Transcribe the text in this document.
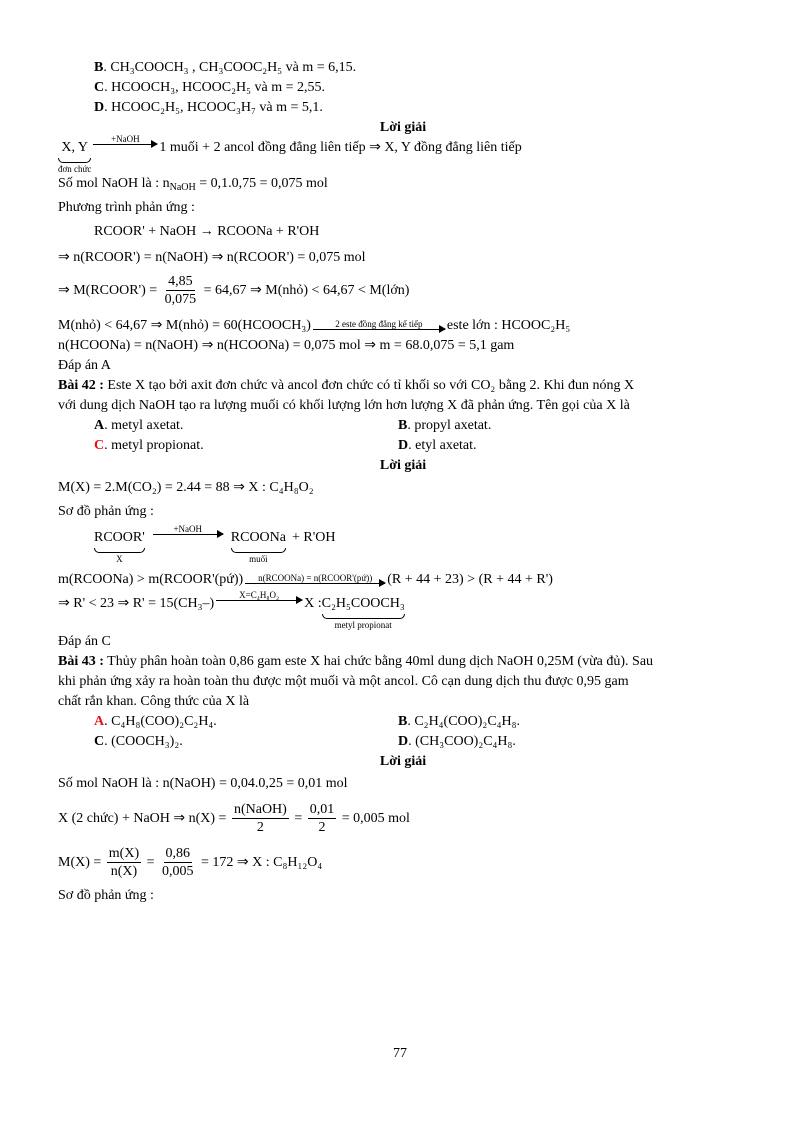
B. CH₃COOCH₃ , CH₃COOC₂H₅ và m = 6,15.
C. HCOOCH₃, HCOOC₂H₅ và m = 2,55.
D. HCOOC₂H₅, HCOOC₃H₇ và m = 5,1.
Lời giải
X, Y
đơn chức
+NaOH
1 muối + 2 ancol đồng đẳng liên tiếp ⇒ X, Y đồng đẳng liên tiếp
Số mol NaOH là : $n_{NaOH} = 0,1.0,75 = 0,075$ mol
Phương trình phản ứng :
RCOOR' + NaOH → RCOONa + R'OH
⇒ n(RCOOR') = n(NaOH) ⇒ n(RCOOR') = 0,075 mol
⇒ M(RCOOR') = $\frac{4,85}{0,075} = 64,67$ ⇒ M(nhỏ) < 64,67 < M(lớn)
M(nhỏ) < 64,67 ⇒ M(nhỏ) = 60(HCOOCH₃)	2 este đồng đẳng kế tiếp este lớn : HCOOC₂H₅
n(HCOONa) = n(NaOH) ⇒ n(HCOONa) = 0,075 mol ⇒ m = 68.0,075 = 5,1 gam
Đáp án A
Bài 42 : Este X tạo bởi axit đơn chức và ancol đơn chức có tỉ khối so với CO₂ bằng 2. Khi đun nóng X
với dung dịch NaOH tạo ra lượng muối có khối lượng lớn hơn lượng X đã phản ứng. Tên gọi của X là
A. metyl axetat.	B. propyl axetat.
C. metyl propionat.	D. etyl axetat.
Lời giải
M(X) = 2.M(CO₂) = 2.44 = 88 ⇒ X : C₄H₈O₂
Sơ đồ phản ứng :
RCOOR'
X
+NaOH
RCOONa
muối
+ R'OH
m(RCOONa) > m(RCOOR'(pứ))	n(RCOONa) = n(RCOOR'(pứ)) (R + 44 + 23) > (R + 44 + R')
⇒ R' < 23 ⇒ R' = 15(CH₃–)
X=C₄H₈O₂
X : C₂H₅COOCH₃
metyl propionat
Đáp án C
Bài 43 : Thủy phân hoàn toàn 0,86 gam este X hai chức bằng 40ml dung dịch NaOH 0,25M (vừa đủ). Sau
khi phản ứng xảy ra hoàn toàn thu được một muối và một ancol. Cô cạn dung dịch thu được 0,95 gam
chất rắn khan. Công thức của X là
A. C₄H₈(COO)₂C₂H₄.	B. C₂H₄(COO)₂C₄H₈.
C. (COOCH₃)₂.	D. (CH₃COO)₂C₄H₈.
Lời giải
Số mol NaOH là : n(NaOH) = 0,04.0,25 = 0,01 mol
X (2 chức) + NaOH ⇒ $n(X) = \frac{\text{n(NaOH)}}{2} = \frac{0,01}{2} = 0,005$ mol
$M(X) = \frac{m(X)}{n(X)} = \frac{0,86}{0,005} = 172$ ⇒ X : C₈H₁₂O₄
Sơ đồ phản ứng :
77
